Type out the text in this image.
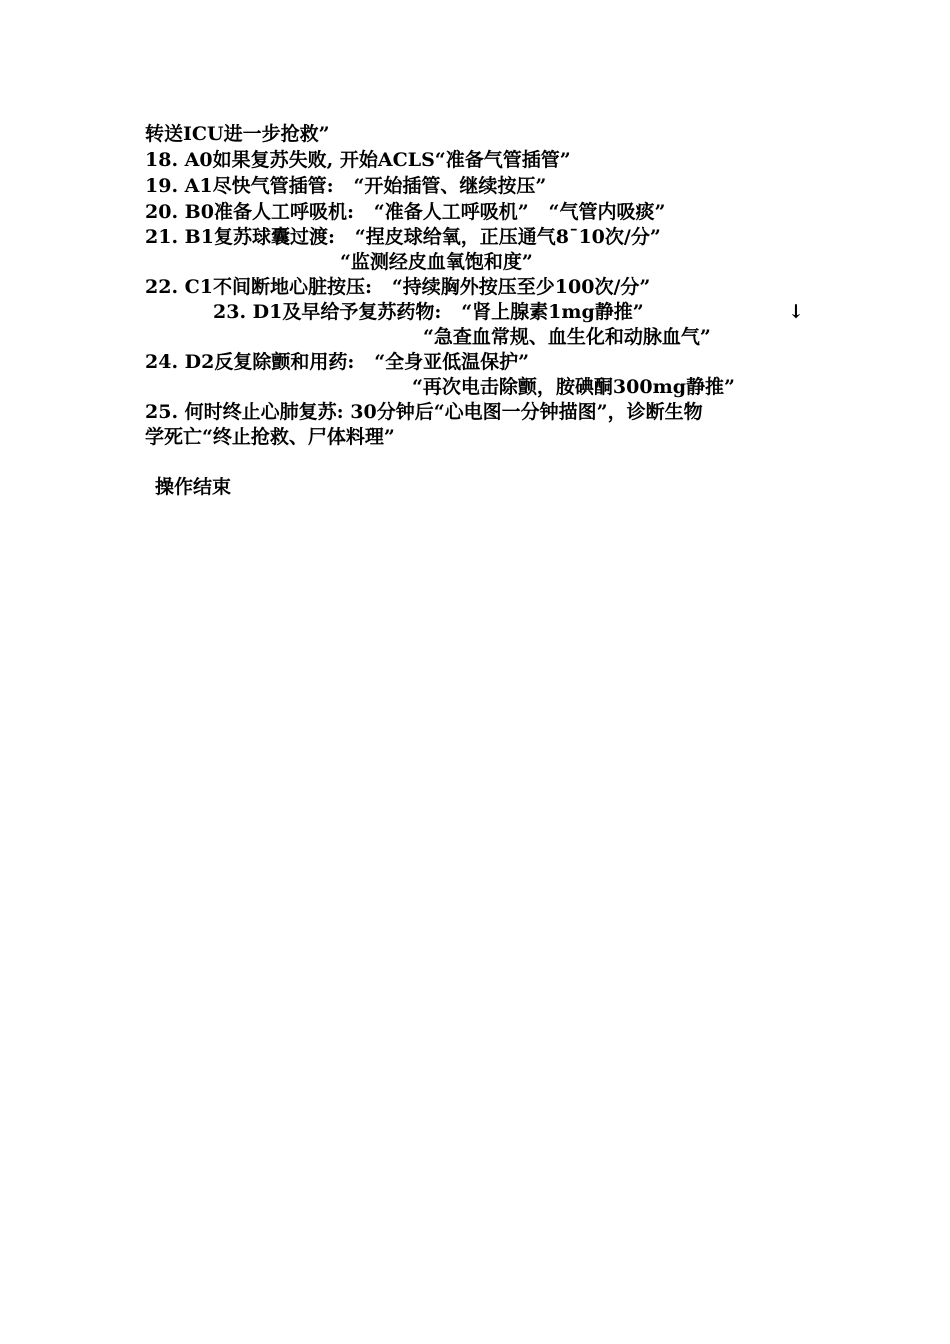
转送ICU进一步抢救”
18. A0如果复苏失败, 开始ACLS“准备气管插管”
19. A1尽快气管插管:   “开始插管、继续按压”
20. B0准备人工呼吸机:   “准备人工呼吸机”   “气管内吸痰”
21. B1复苏球囊过渡:   “捏皮球给氧，正压通气8¯10次/分”
“监测经皮血氧饱和度”
22. C1不间断地心脏按压:   “持续胸外按压至少100次/分”
23. D1及早给予复苏药物:   “肾上腺素1mg静推”	↓
“急查血常规、血生化和动脉血气”
24. D2反复除颤和用药:   “全身亚低温保护”
“再次电击除颤，胺碘酮300mg静推”
25. 何时终止心肺复苏: 30分钟后“心电图一分钟描图”，诊断生物
学死亡“终止抢救、尸体料理”
操作结束
